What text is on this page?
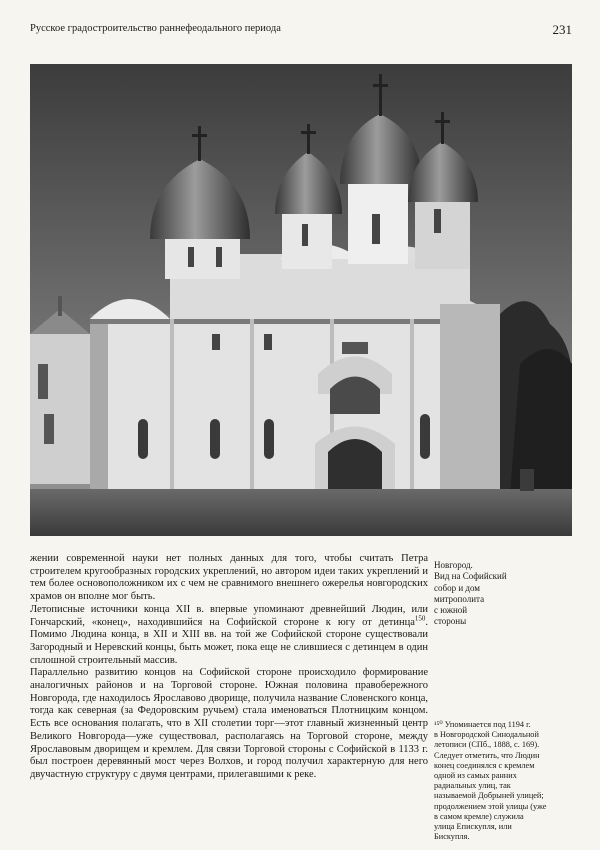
Русское градостроительство раннефеодального периода	231
Новгород.
Вид на Софийский
собор и дом
митрополита
с южной
стороны

жении современной науки нет полных данных для того, чтобы считать Петра строителем кругообразных городских укреплений, но автором идеи таких укреплений и тем более основоположником их с чем не сравнимого внешнего ожерелья новгородских храмов он вполне мог быть.

Летописные источники конца XII в. впервые упоминают древнейший Людин, или Гончарский, «конец», находившийся на Софийской стороне к югу от детинца$^{150}$. Помимо Людина конца, в XII и XIII вв. на той же Софийской стороне существовали Загородный и Неревский концы, быть может, пока еще не слившиеся с детинцем в один сплошной строительный массив.

Параллельно развитию концов на Софийской стороне происходило формирование аналогичных районов и на Торговой стороне. Южная половина правобережного Новгорода, где находилось Ярославово дворище, получила название Словенского конца, тогда как северная (за Федоровским ручьем) стала именоваться Плотницким концом. Есть все основания полагать, что в XII столетии торг—этот главный жизненный центр Великого Новгорода—уже существовал, располагаясь на Торговой стороне, между Ярославовым дворищем и кремлем. Для связи Торговой стороны с Софийской в 1133 г. был построен деревянный мост через Волхов, и город получил характерную для него двучастную структуру с двумя центрами, прилегавшими к реке.

¹⁵⁰ Упоминается под 1194 г.
в Новгородской Синодальной
летописи (СПб., 1888, с. 169).
Следует отметить, что Людин
конец соединялся с кремлем
одной из самых ранних
радиальных улиц, так
называемой Добрыней улицей;
продолжением этой улицы (уже
в самом кремле) служила
улица Епискупля, или
Бискупля.
